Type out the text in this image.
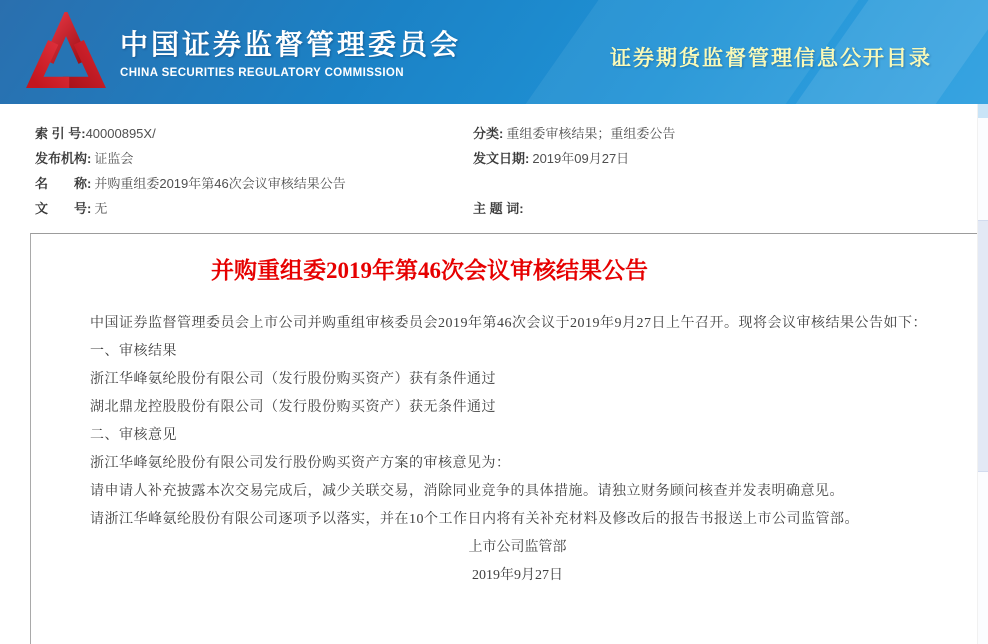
中国证券监督管理委员会
CHINA SECURITIES REGULATORY COMMISSION
证券期货监督管理信息公开目录
索 引 号:40000895X/
发布机构: 证监会
名　　称: 并购重组委2019年第46次会议审核结果公告
文　　号: 无
分类: 重组委审核结果；重组委公告
发文日期: 2019年09月27日
主 题 词:
并购重组委2019年第46次会议审核结果公告

中国证券监督管理委员会上市公司并购重组审核委员会2019年第46次会议于2019年9月27日上午召开。现将会议审核结果公告如下：

一、审核结果

浙江华峰氨纶股份有限公司（发行股份购买资产）获有条件通过

湖北鼎龙控股股份有限公司（发行股份购买资产）获无条件通过

二、审核意见

浙江华峰氨纶股份有限公司发行股份购买资产方案的审核意见为：

请申请人补充披露本次交易完成后，减少关联交易，消除同业竞争的具体措施。请独立财务顾问核查并发表明确意见。

请浙江华峰氨纶股份有限公司逐项予以落实，并在10个工作日内将有关补充材料及修改后的报告书报送上市公司监管部。

上市公司监管部
2019年9月27日
